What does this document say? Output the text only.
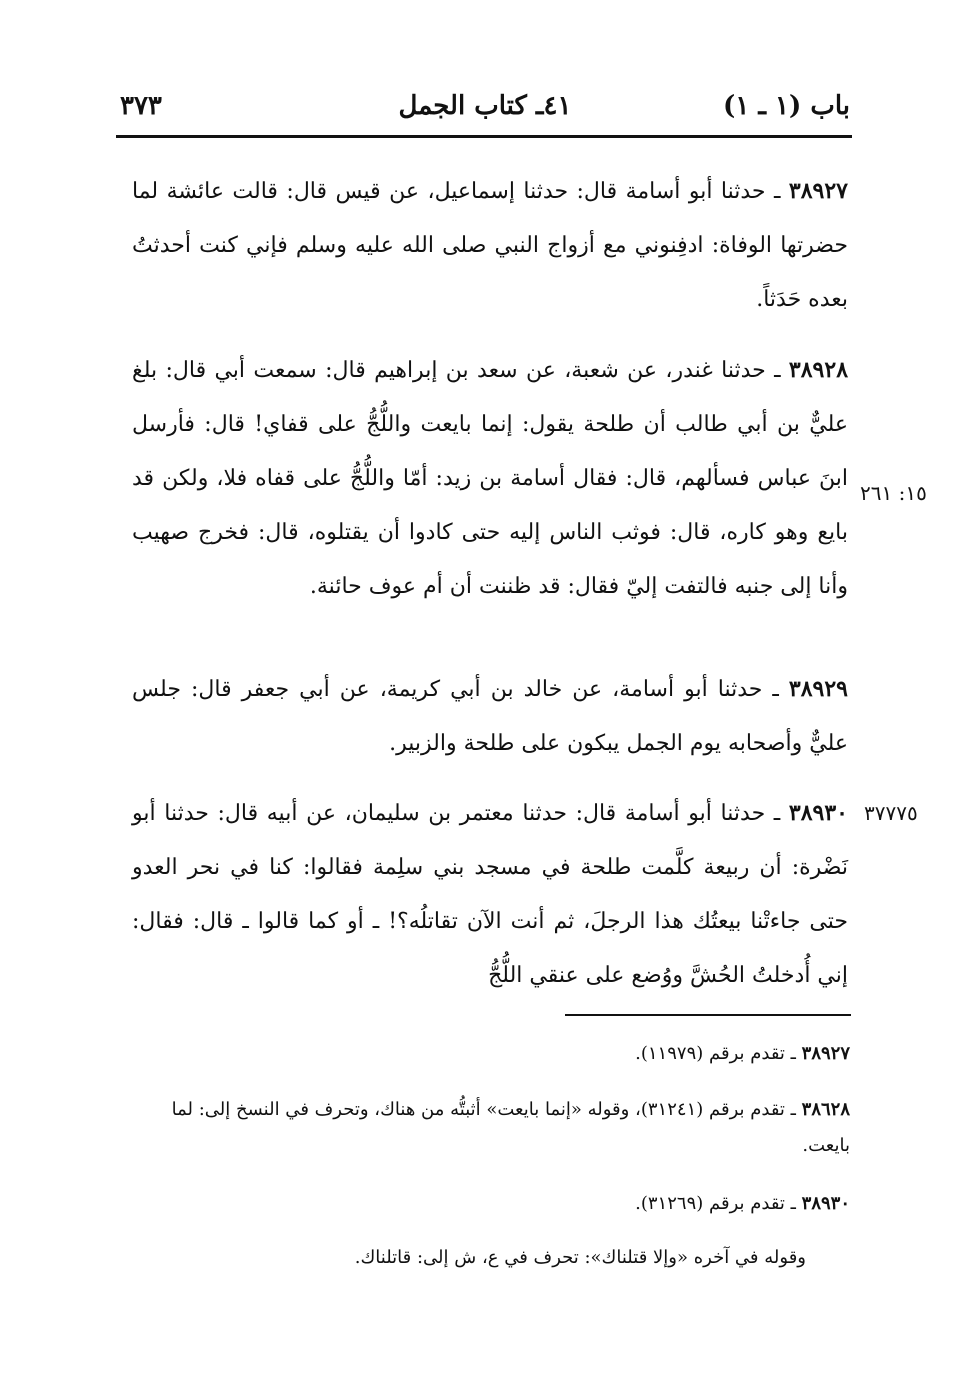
باب (١ ـ ١)
٤١ـ كتاب الجمل
٣٧٣
٣٨٩٢٧ ـ حدثنا أبو أسامة قال: حدثنا إسماعيل، عن قيس قال: قالت عائشة لما حضرتها الوفاة: ادفِنوني مع أزواج النبي صلى الله عليه وسلم فإني كنت أحدثتُ بعده حَدَثاً.
٣٨٩٢٨ ـ حدثنا غندر، عن شعبة، عن سعد بن إبراهيم قال: سمعت أبي قال: بلغ عليٌّ بن أبي طالب أن طلحة يقول: إنما بايعت واللُّجُّ على قفاي! قال: فأرسل ابنَ عباس فسألهم، قال: فقال أسامة بن زيد: أمّا واللُّجُّ على قفاه فلا، ولكن قد بايع وهو كاره، قال: فوثب الناس إليه حتى كادوا أن يقتلوه، قال: فخرج صهيب وأنا إلى جنبه فالتفت إليّ فقال: قد ظننت أن أم عوف حائنة.
١٥: ٢٦١
٣٨٩٢٩ ـ حدثنا أبو أسامة، عن خالد بن أبي كريمة، عن أبي جعفر قال: جلس عليٌّ وأصحابه يوم الجمل يبكون على طلحة والزبير.
٣٧٧٧٥
٣٨٩٣٠ ـ حدثنا أبو أسامة قال: حدثنا معتمر بن سليمان، عن أبيه قال: حدثنا أبو نَضْرة: أن ربيعة كلَّمت طلحة في مسجد بني سلِمة فقالوا: كنا في نحر العدو حتى جاءتْنا بيعتُك هذا الرجلَ، ثم أنت الآن تقاتلُه؟! ـ أو كما قالوا ـ قال: فقال: إني أُدخلتُ الحُشَّ ووُضع على عنقي اللُّجُّ
٣٨٩٢٧ ـ تقدم برقم (١١٩٧٩).
٣٨٦٢٨ ـ تقدم برقم (٣١٢٤١)، وقوله «إنما بايعت» أثبتُّه من هناك، وتحرف في النسخ إلى: لما بايعت.
٣٨٩٣٠ ـ تقدم برقم (٣١٢٦٩).
وقوله في آخره «وإلا قتلناك»: تحرف في ع، ش إلى: قاتلناك.
